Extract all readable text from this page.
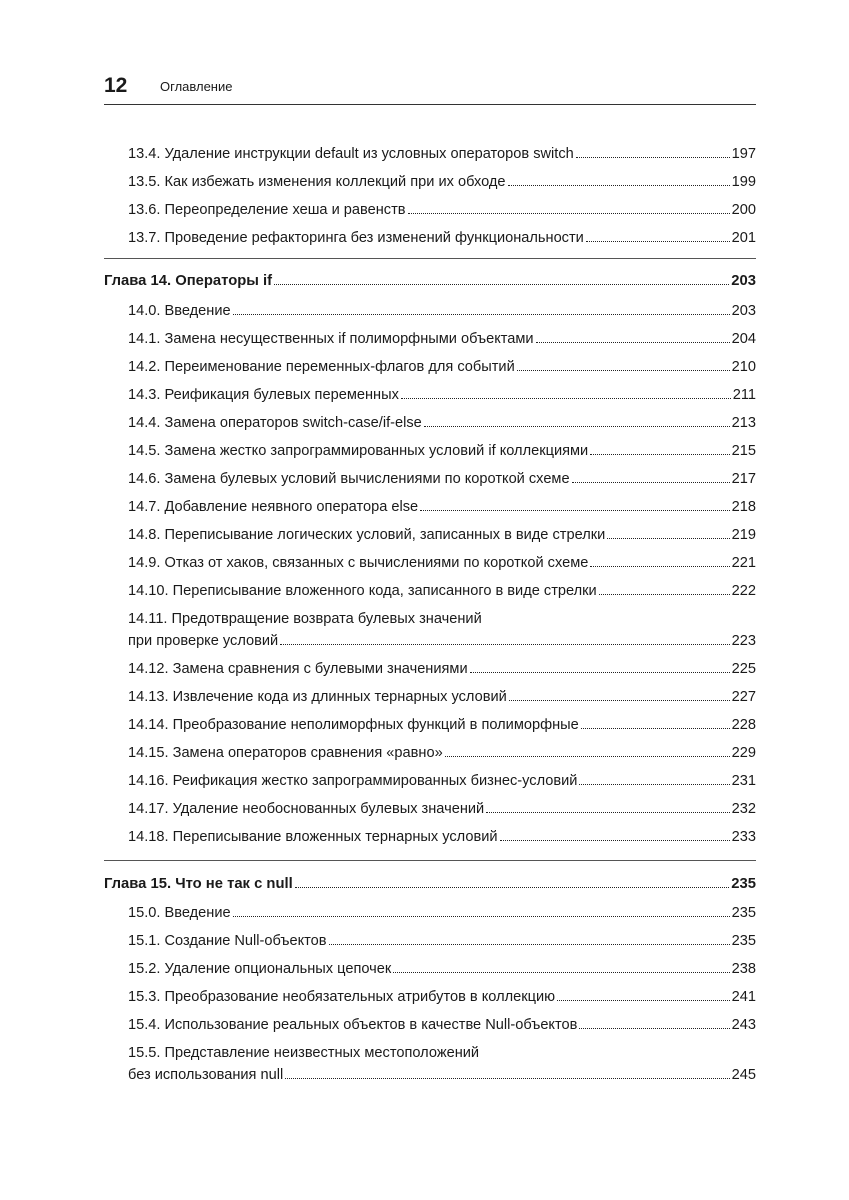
12	Оглавление
13.4. Удаление инструкции default из условных операторов switch	197
13.5. Как избежать изменения коллекций при их обходе	199
13.6. Переопределение хеша и равенств	200
13.7. Проведение рефакторинга без изменений функциональности	201
Глава 14. Операторы if	203
14.0. Введение	203
14.1. Замена несущественных if полиморфными объектами	204
14.2. Переименование переменных-флагов для событий	210
14.3. Реификация булевых переменных	211
14.4. Замена операторов switch-case/if-else	213
14.5. Замена жестко запрограммированных условий if коллекциями	215
14.6. Замена булевых условий вычислениями по короткой схеме	217
14.7. Добавление неявного оператора else	218
14.8. Переписывание логических условий, записанных в виде стрелки	219
14.9. Отказ от хаков, связанных с вычислениями по короткой схеме	221
14.10. Переписывание вложенного кода, записанного в виде стрелки	222
14.11. Предотвращение возврата булевых значений
при проверке условий	223
14.12. Замена сравнения с булевыми значениями	225
14.13. Извлечение кода из длинных тернарных условий	227
14.14. Преобразование неполиморфных функций в полиморфные	228
14.15. Замена операторов сравнения «равно»	229
14.16. Реификация жестко запрограммированных бизнес-условий	231
14.17. Удаление необоснованных булевых значений	232
14.18. Переписывание вложенных тернарных условий	233
Глава 15. Что не так с null	235
15.0. Введение	235
15.1. Создание Null-объектов	235
15.2. Удаление опциональных цепочек	238
15.3. Преобразование необязательных атрибутов в коллекцию	241
15.4. Использование реальных объектов в качестве Null-объектов	243
15.5. Представление неизвестных местоположений
без использования null	245
